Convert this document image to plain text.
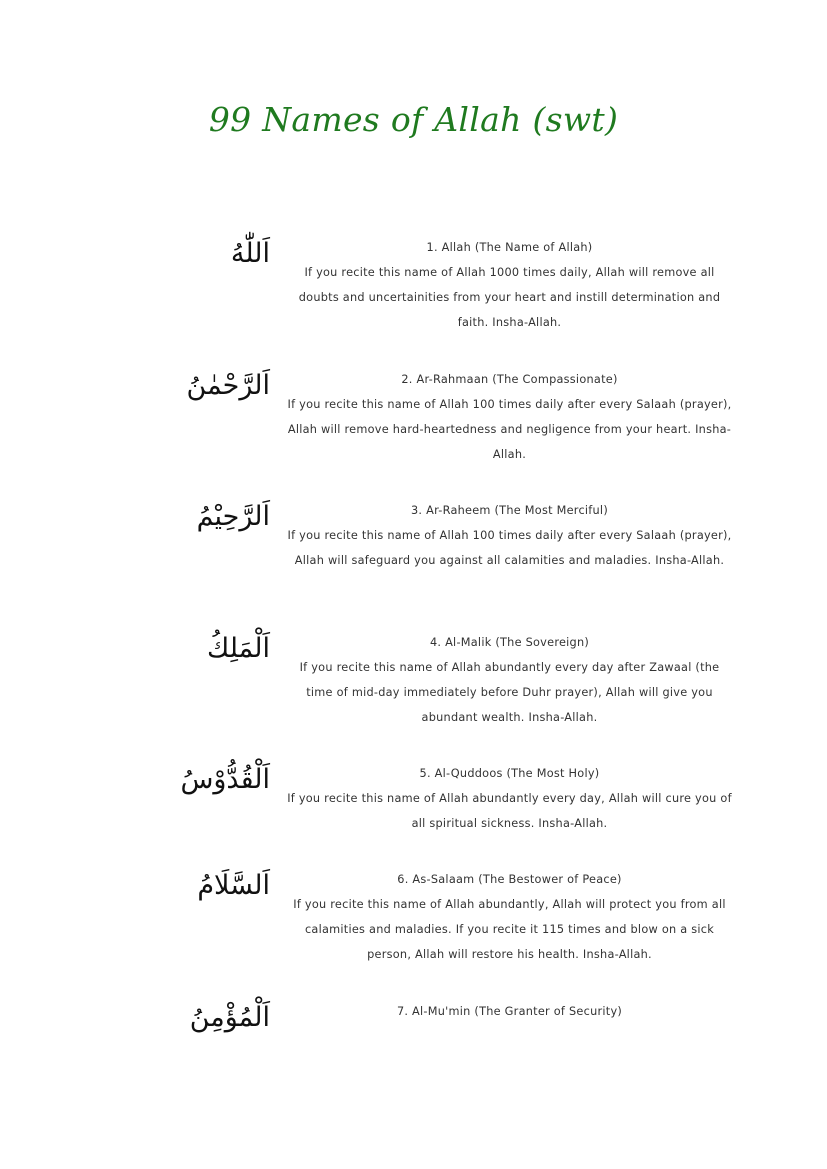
99 Names of Allah (swt)
اَللّٰهُ	1. Allah (The Name of Allah)

If you recite this name of Allah 1000 times daily, Allah will remove all doubts and uncertainities from your heart and instill determination and faith. Insha-Allah.

اَلرَّحْمٰنُ	2. Ar-Rahmaan (The Compassionate)

If you recite this name of Allah 100 times daily after every Salaah (prayer), Allah will remove hard-heartedness and negligence from your heart. Insha-Allah.

اَلرَّحِيْمُ	3. Ar-Raheem (The Most Merciful)

If you recite this name of Allah 100 times daily after every Salaah (prayer), Allah will safeguard you against all calamities and maladies. Insha-Allah.

اَلْمَلِكُ	4. Al-Malik (The Sovereign)

If you recite this name of Allah abundantly every day after Zawaal (the time of mid-day immediately before Duhr prayer), Allah will give you abundant wealth. Insha-Allah.

اَلْقُدُّوْسُ	5. Al-Quddoos (The Most Holy)

If you recite this name of Allah abundantly every day, Allah will cure you of all spiritual sickness. Insha-Allah.

اَلسَّلَامُ	6. As-Salaam (The Bestower of Peace)

If you recite this name of Allah abundantly, Allah will protect you from all calamities and maladies. If you recite it 115 times and blow on a sick person, Allah will restore his health. Insha-Allah.

اَلْمُؤْمِنُ	7. Al-Mu'min (The Granter of Security)
